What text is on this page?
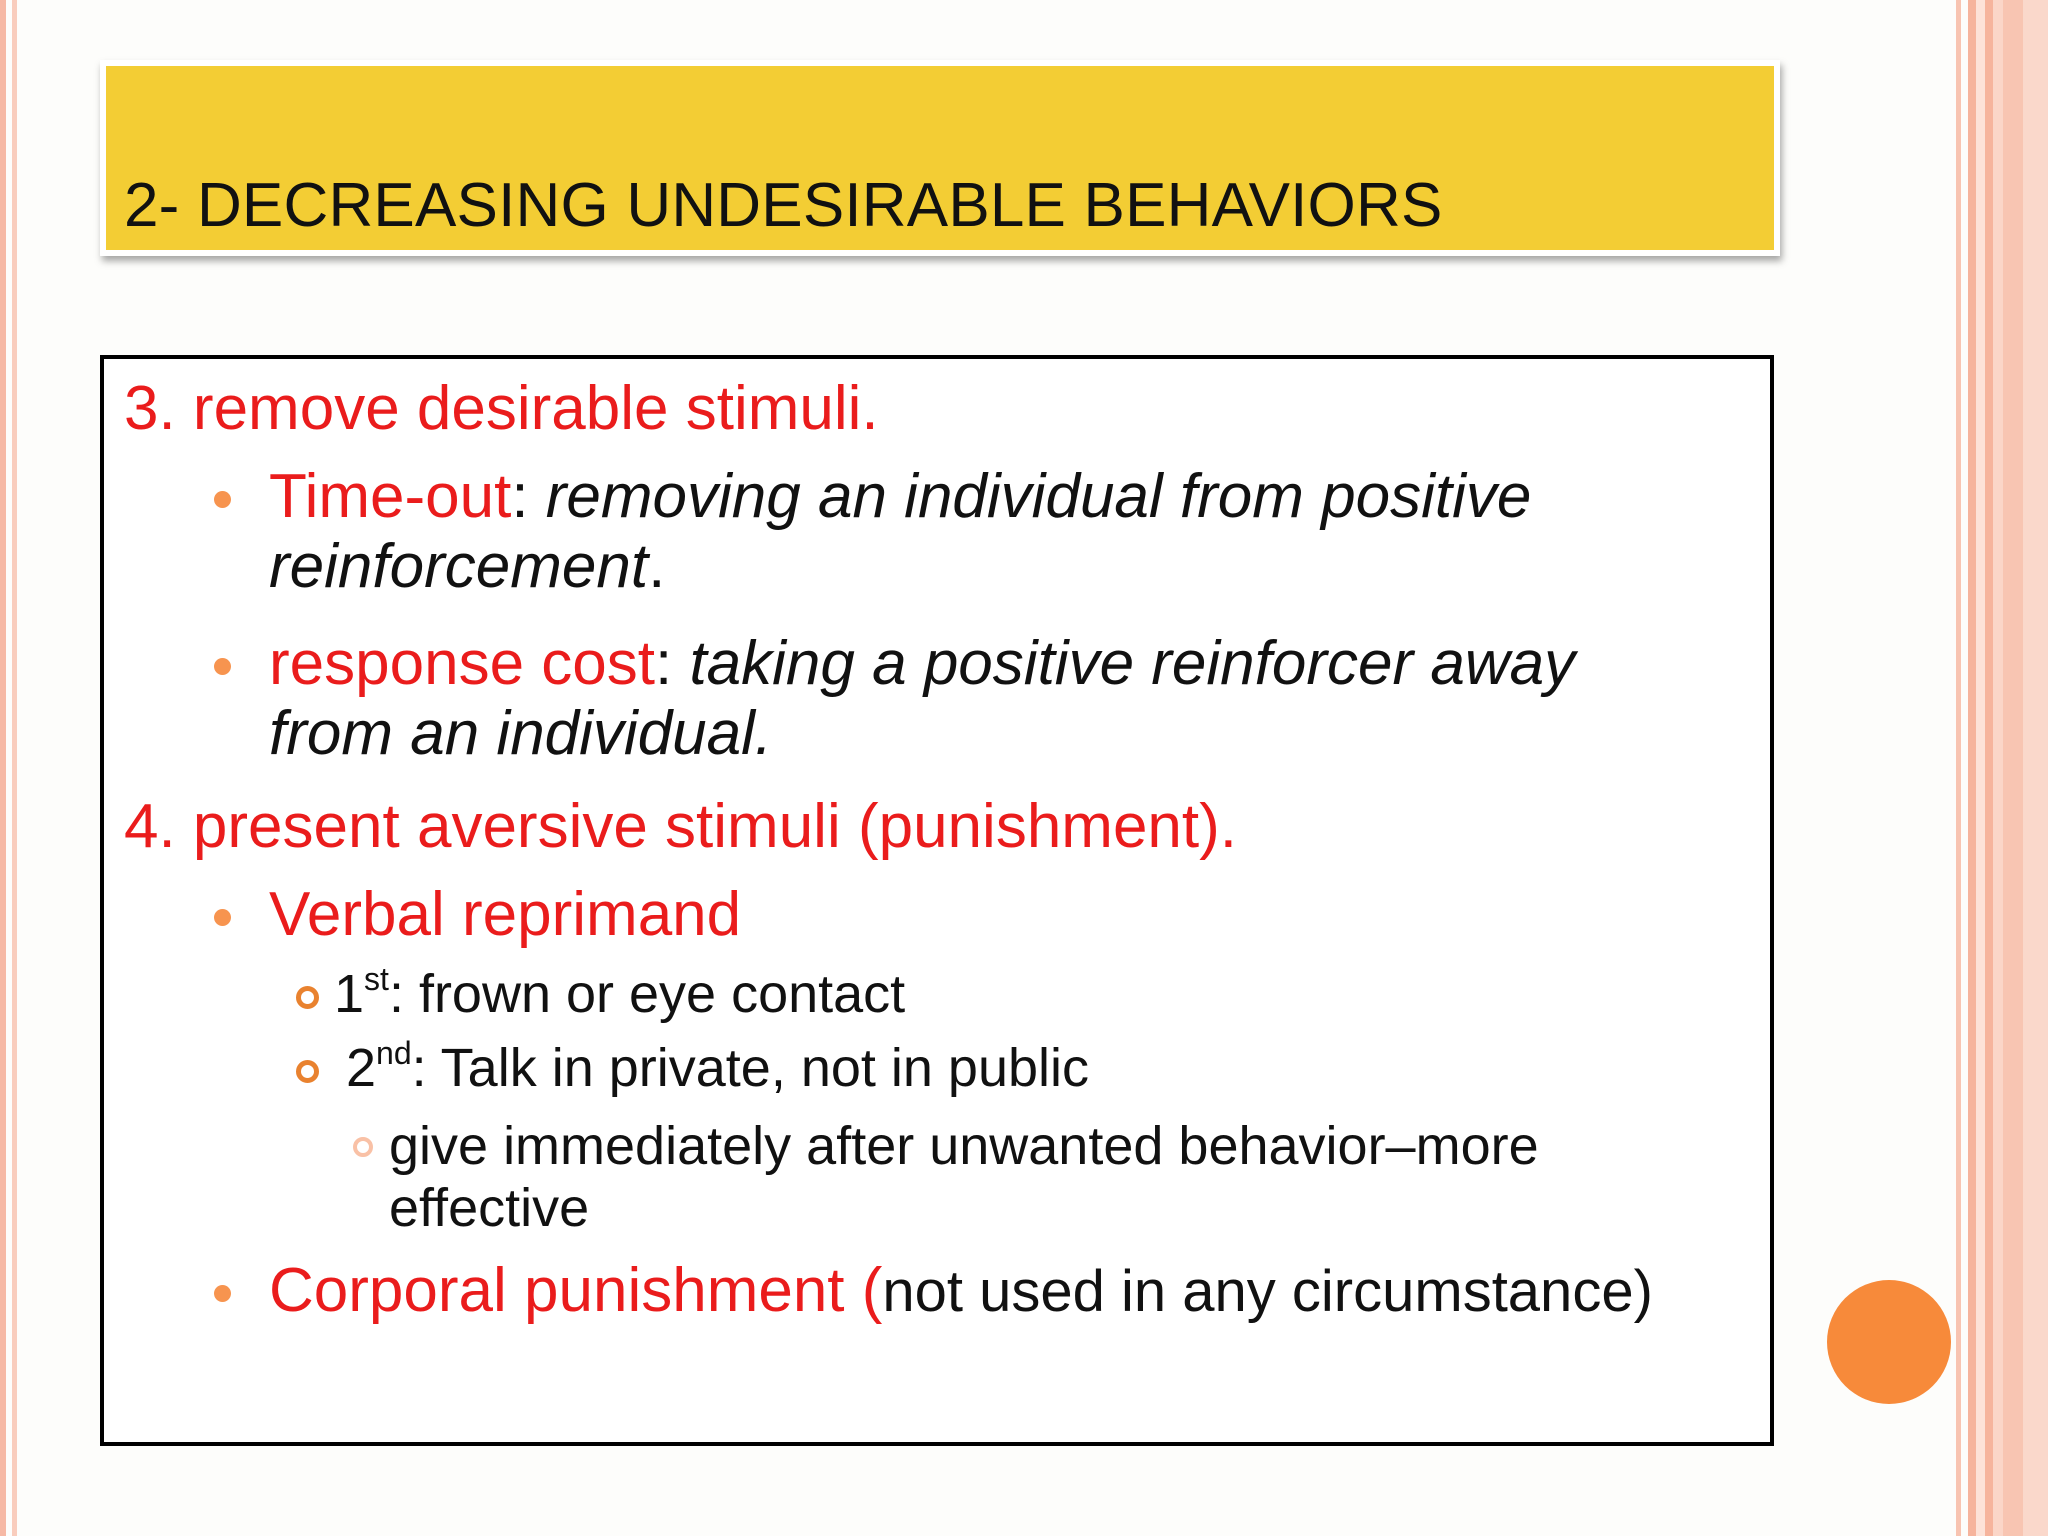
2- DECREASING UNDESIRABLE BEHAVIORS
3. remove desirable stimuli.
Time-out: removing an individual from positive reinforcement.
response cost: taking a positive reinforcer away from an individual.
4. present aversive stimuli (punishment).
Verbal reprimand
1st: frown or eye contact
2nd: Talk in private, not in public
give immediately after unwanted behavior–more effective
Corporal punishment (not used in any circumstance)
